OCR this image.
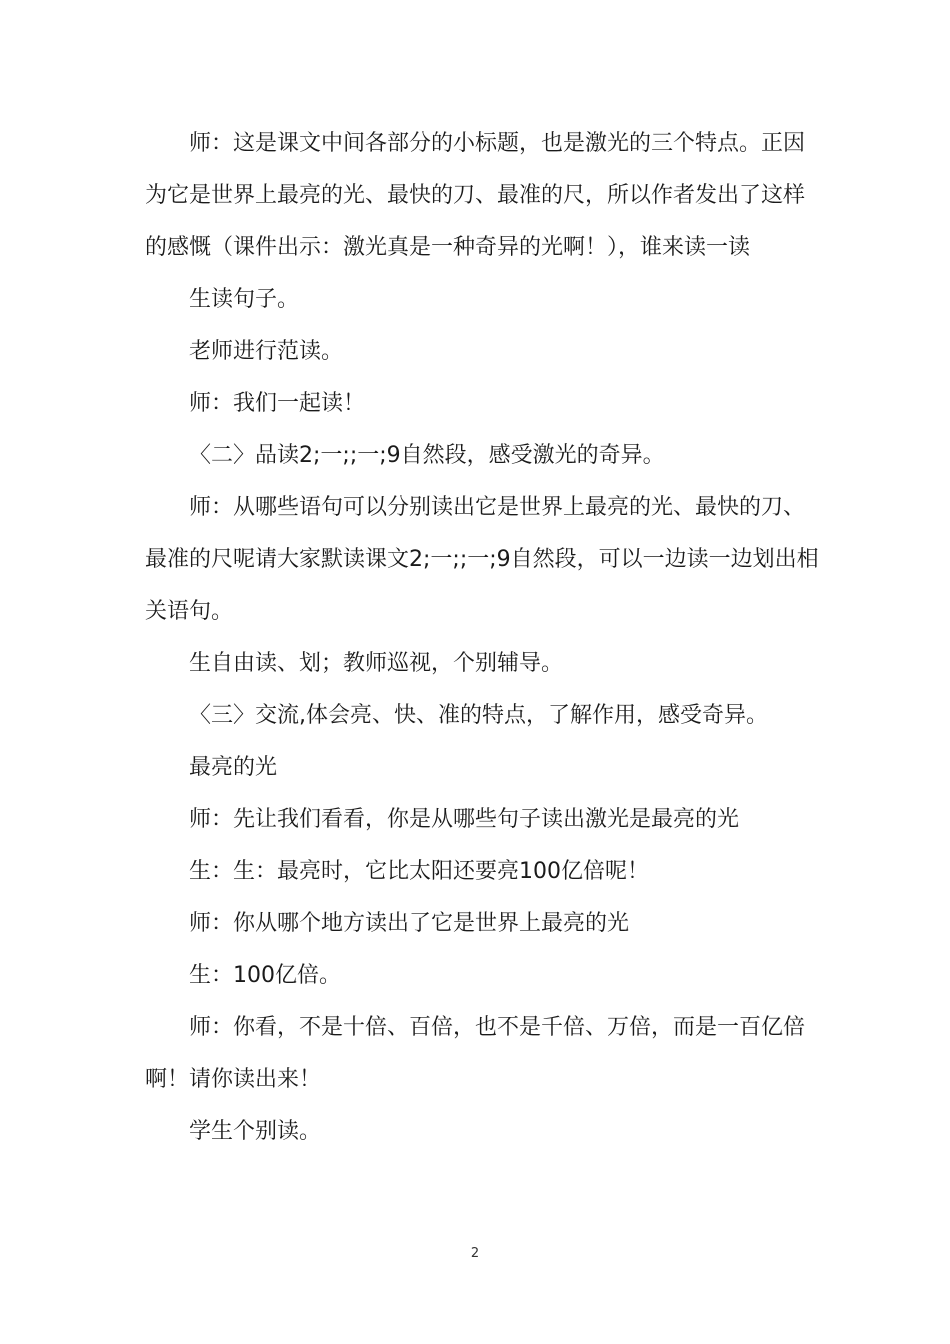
师：这是课文中间各部分的小标题，也是激光的三个特点。正因为它是世界上最亮的光、最快的刀、最准的尺，所以作者发出了这样的感慨（课件出示：激光真是一种奇异的光啊！），谁来读一读

生读句子。

老师进行范读。

师：我们一起读！

〈二〉品读2;一;;一;9自然段，感受激光的奇异。

师：从哪些语句可以分别读出它是世界上最亮的光、最快的刀、最准的尺呢请大家默读课文2;一;;一;9自然段，可以一边读一边划出相关语句。

生自由读、划；教师巡视，个别辅导。

〈三〉交流,体会亮、快、准的特点，了解作用，感受奇异。

最亮的光

师：先让我们看看，你是从哪些句子读出激光是最亮的光

生：生：最亮时，它比太阳还要亮100亿倍呢！

师：你从哪个地方读出了它是世界上最亮的光

生：100亿倍。

师：你看，不是十倍、百倍，也不是千倍、万倍，而是一百亿倍啊！请你读出来！

学生个别读。

2
